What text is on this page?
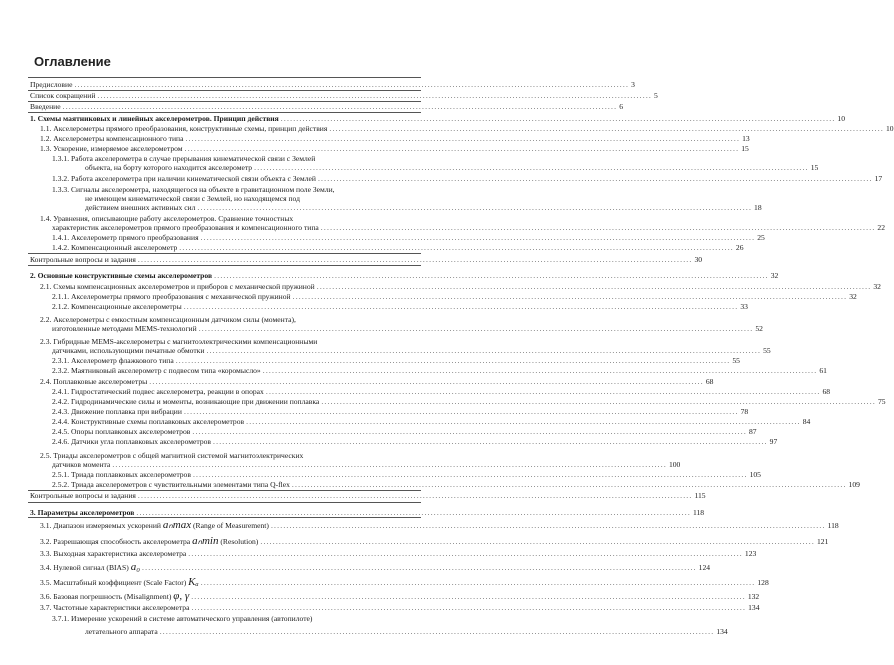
Оглавление
Предисловие ................................................................................................................................................................................... 3
Список сокращений ................................................................................................................................................................................... 5
Введение ................................................................................................................................................................................... 6
1. Схемы маятниковых и линейных акселерометров. Принцип действия ................................................................................................................................................................................... 10
1.1. Акселерометры прямого преобразования, конструктивные схемы, принцип действия ................................................................................................................................................................................... 10
1.2. Акселерометры компенсационного типа ................................................................................................................................................................................... 13
1.3. Ускорение, измеряемое акселерометром ................................................................................................................................................................................... 15
1.3.1. Работа акселерометра в случае прерывания кинематической связи с Землей
объекта, на борту которого находится акселерометр ................................................................................................................................................................................... 15
1.3.2. Работа акселерометра при наличии кинематической связи объекта с Землей ................................................................................................................................................................................... 17
1.3.3. Сигналы акселерометра, находящегося на объекте в гравитационном поле Земли,
не имеющем кинематической связи с Землей, но находящемся под
действием внешних активных сил ................................................................................................................................................................................... 18
1.4. Уравнения, описывающие работу акселерометров. Сравнение точностных
характеристик акселерометров прямого преобразования и компенсационного типа ................................................................................................................................................................................... 22
1.4.1. Акселерометр прямого преобразования ................................................................................................................................................................................... 25
1.4.2. Компенсационный акселерометр ................................................................................................................................................................................... 26
Контрольные вопросы и задания ................................................................................................................................................................................... 30
2. Основные конструктивные схемы акселерометров ................................................................................................................................................................................... 32
2.1. Схемы компенсационных акселерометров и приборов с механической пружиной ................................................................................................................................................................................... 32
2.1.1. Акселерометры прямого преобразования с механической пружиной ................................................................................................................................................................................... 32
2.1.2. Компенсационные акселерометры ................................................................................................................................................................................... 33
2.2. Акселерометры с емкостным компенсационным датчиком силы (момента),
изготовленные методами MEMS-технологий ................................................................................................................................................................................... 52
2.3. Гибридные MEMS-акселерометры с магнитоэлектрическими компенсационными
датчиками, использующими печатные обмотки ................................................................................................................................................................................... 55
2.3.1. Акселерометр флажкового типа ................................................................................................................................................................................... 55
2.3.2. Маятниковый акселерометр с подвесом типа «коромысло» ................................................................................................................................................................................... 61
2.4. Поплавковые акселерометры ................................................................................................................................................................................... 68
2.4.1. Гидростатический подвес акселерометра, реакции в опорах ................................................................................................................................................................................... 68
2.4.2. Гидродинамические силы и моменты, возникающие при движении поплавка ................................................................................................................................................................................... 75
2.4.3. Движение поплавка при вибрации ................................................................................................................................................................................... 78
2.4.4. Конструктивные схемы поплавковых акселерометров ................................................................................................................................................................................... 84
2.4.5. Опоры поплавковых акселерометров ................................................................................................................................................................................... 87
2.4.6. Датчики угла поплавковых акселерометров ................................................................................................................................................................................... 97
2.5. Триады акселерометров с общей магнитной системой магнитоэлектрических
датчиков момента ................................................................................................................................................................................... 100
2.5.1. Триада поплавковых акселерометров ................................................................................................................................................................................... 105
2.5.2. Триада акселерометров с чувствительными элементами типа Q-flex ................................................................................................................................................................................... 109
Контрольные вопросы и задания ................................................................................................................................................................................... 115
3. Параметры акселерометров ................................................................................................................................................................................... 118
3.1. Диапазон измеряемых ускорений aₙmax (Range of Measurement) ................................................................................................................................................................................... 118
3.2. Разрешающая способность акселерометра aₙmin (Resolution) ................................................................................................................................................................................... 121
3.3. Выходная характеристика акселерометра ................................................................................................................................................................................... 123
3.4. Нулевой сигнал (BIAS) a₀ ................................................................................................................................................................................... 124
3.5. Масштабный коэффициент (Scale Factor) Kₐ ................................................................................................................................................................................... 128
3.6. Базовая погрешность (Misalignment) φ, γ ................................................................................................................................................................................... 132
3.7. Частотные характеристики акселерометра ................................................................................................................................................................................... 134
3.7.1. Измерение ускорений в системе автоматического управления (автопилоте)
летательного аппарата ................................................................................................................................................................................... 134
